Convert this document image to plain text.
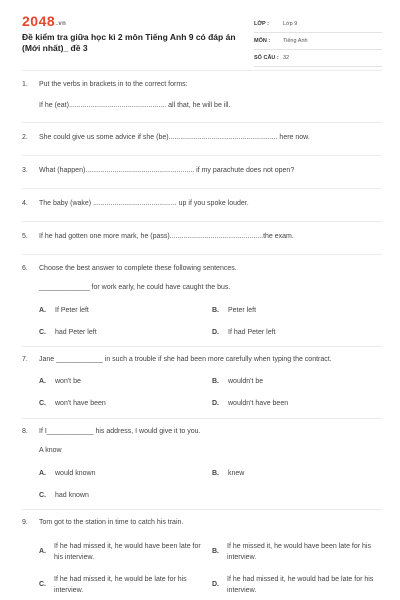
2048.vn
Đề kiểm tra giữa học kì 2 môn Tiếng Anh 9 có đáp án (Mới nhất)_ đề 3
LỚP :	Lớp 9
MÔN :	Tiếng Anh
SỐ CÂU : 32
1. Put the verbs in brackets in to the correct forms:
If he (eat).................................................. all that, he will be ill.
2. She could give us some advice if she (be)........................................................ here now.
3. What (happen)........................................................ if my parachute does not open?
4. The baby (wake) ........................................... up if you spoke louder.
5. If he had gotten one more mark, he (pass)................................................the exam.
6. Choose the best answer to complete these following sentences.
_____________ for work early, he could have caught the bus.
A. If Peter left	B. Peter left
C. had Peter left	D. If had Peter left
7. Jane ____________ in such a trouble if she had been more carefully when typing the contract.
A. won't be	B. wouldn't be
C. won't have been	D. wouldn't have been
8. If I____________ his address, I would give it to you.
A know
A. would known	B. knew
C. had known
9. Tom got to the station in time to catch his train.
A.
If he had missed it, he would have been late for his interview.
B.
If he missed it, he would have been late for his interview.
C.
If he had missed it, he would be late for his interview.
D.
If he had missed it, he would had be late for his interview.
